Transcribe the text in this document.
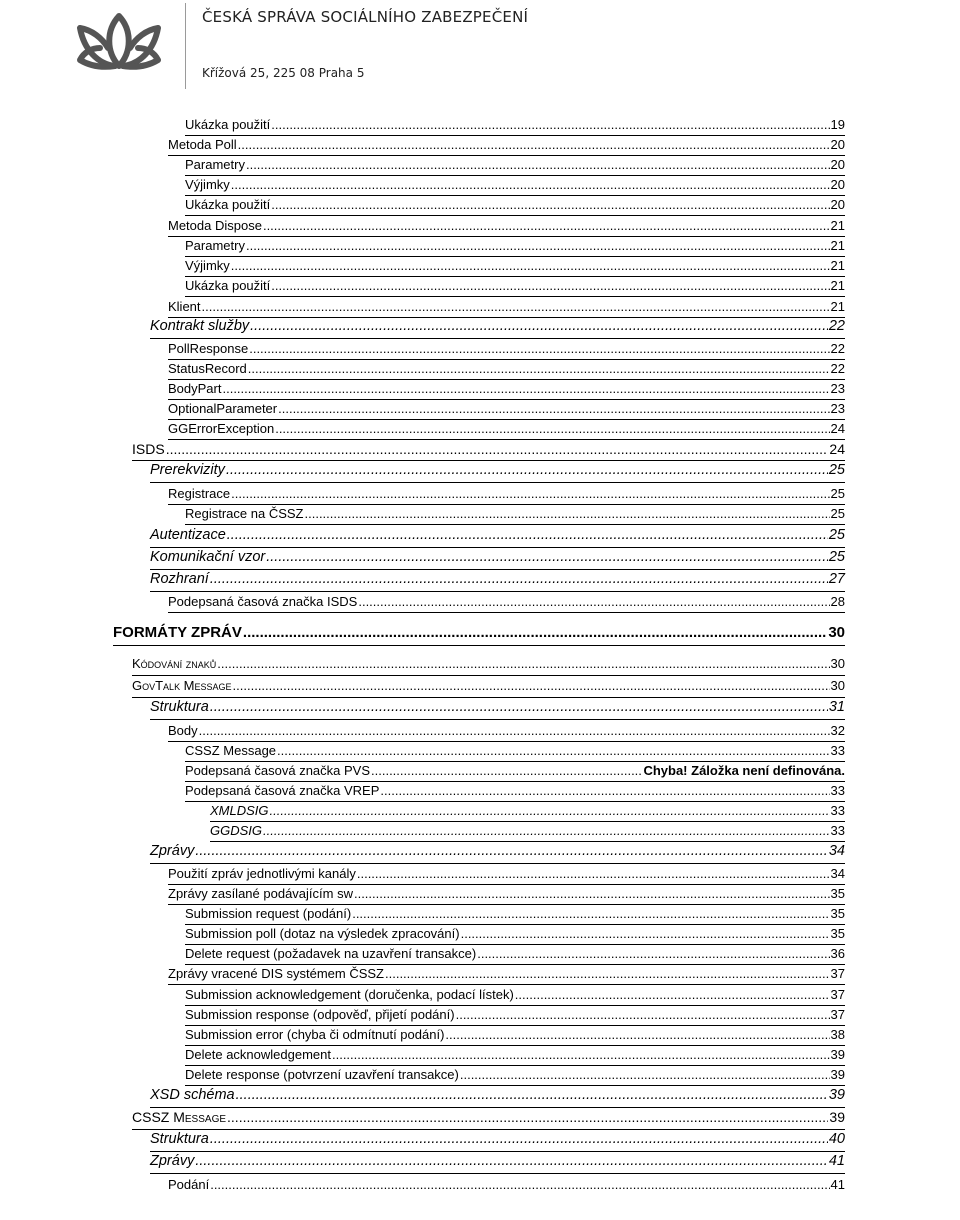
ČESKÁ SPRÁVA SOCIÁLNÍHO ZABEZPEČENÍ
Křížová 25, 225 08 Praha 5
Ukázka použití .....	19
Metoda Poll .....	20
Parametry .....	20
Výjimky .....	20
Ukázka použití .....	20
Metoda Dispose .....	21
Parametry .....	21
Výjimky .....	21
Ukázka použití .....	21
Klient .....	21
Kontrakt služby .....	22
PollResponse .....	22
StatusRecord .....	22
BodyPart .....	23
OptionalParameter .....	23
GGErrorException .....	24
ISDS .....	24
Prerekvizity .....	25
Registrace .....	25
Registrace na ČSSZ .....	25
Autentizace .....	25
Komunikační vzor .....	25
Rozhraní .....	27
Podepsaná časová značka ISDS .....	28
FORMÁTY ZPRÁV .....	30
Kódování znaků .....	30
GovTalk Message .....	30
Struktura .....	31
Body .....	32
CSSZ Message .....	33
Podepsaná časová značka PVS .....	Chyba! Záložka není definována.
Podepsaná časová značka VREP .....	33
XMLDSIG .....	33
GGDSIG .....	33
Zprávy .....	34
Použití zpráv jednotlivými kanály .....	34
Zprávy zasílané podávajícím sw .....	35
Submission request (podání) .....	35
Submission poll (dotaz na výsledek zpracování) .....	35
Delete request (požadavek na uzavření transakce) .....	36
Zprávy vracené DIS systémem ČSSZ .....	37
Submission acknowledgement (doručenka, podací lístek) .....	37
Submission response (odpověď, přijetí podání) .....	37
Submission error (chyba či odmítnutí podání) .....	38
Delete acknowledgement .....	39
Delete response (potvrzení uzavření transakce) .....	39
XSD schéma .....	39
CSSZ Message .....	39
Struktura .....	40
Zprávy .....	41
Podání .....	41
